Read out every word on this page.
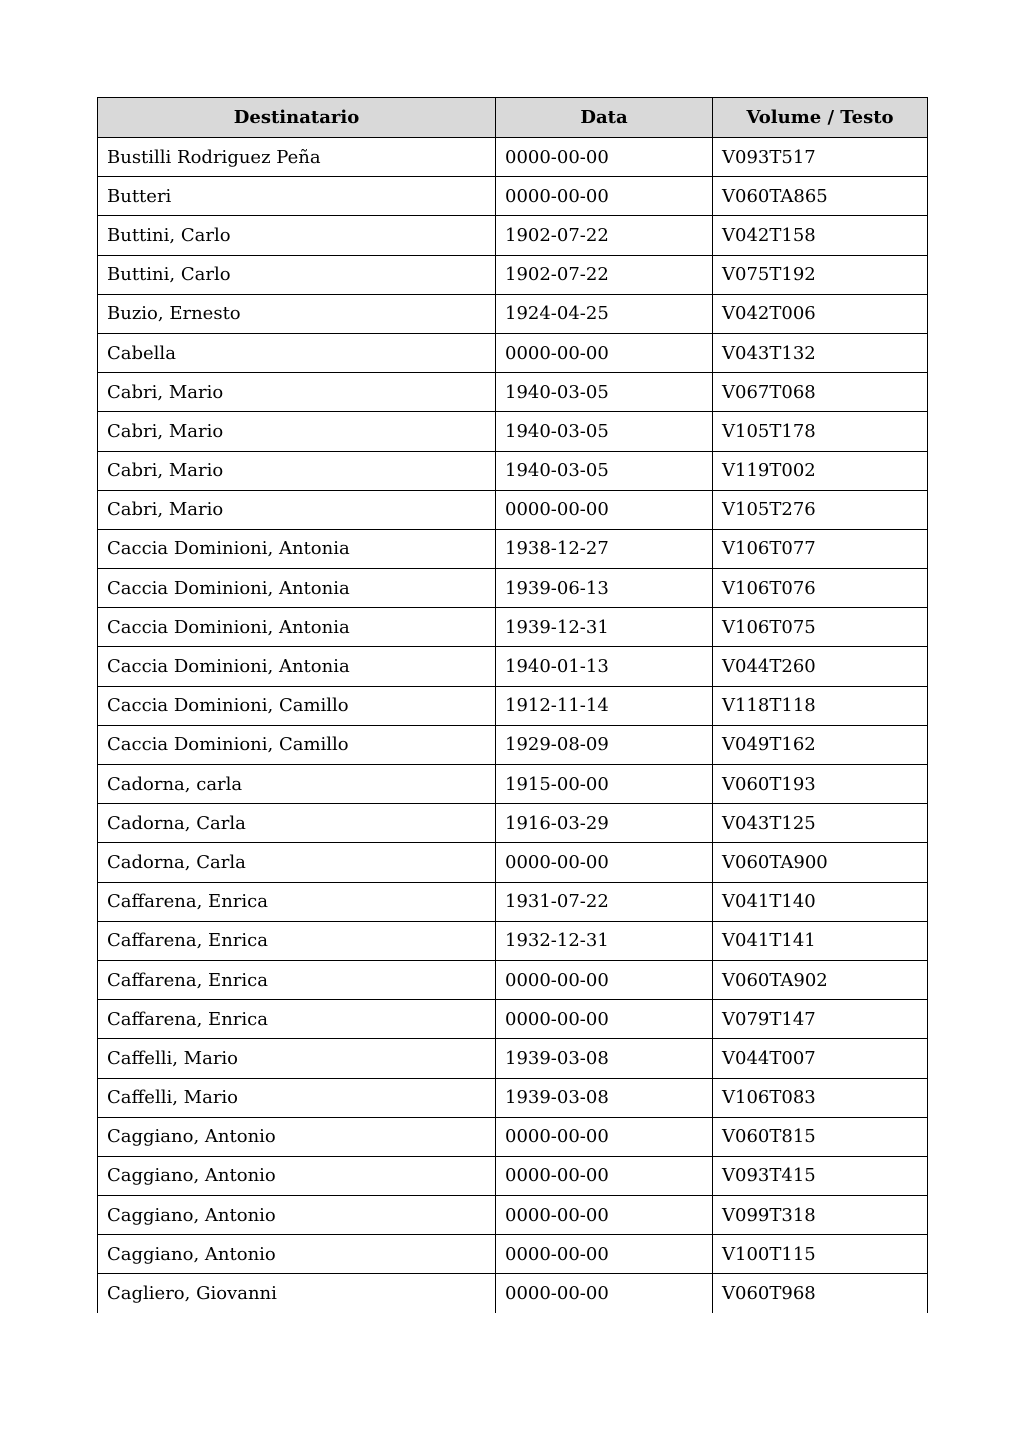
Destinatario	Data	Volume / Testo
Bustilli Rodriguez Peña	0000-00-00	V093T517
Butteri	0000-00-00	V060TA865
Buttini, Carlo	1902-07-22	V042T158
Buttini, Carlo	1902-07-22	V075T192
Buzio, Ernesto	1924-04-25	V042T006
Cabella	0000-00-00	V043T132
Cabri, Mario	1940-03-05	V067T068
Cabri, Mario	1940-03-05	V105T178
Cabri, Mario	1940-03-05	V119T002
Cabri, Mario	0000-00-00	V105T276
Caccia Dominioni, Antonia	1938-12-27	V106T077
Caccia Dominioni, Antonia	1939-06-13	V106T076
Caccia Dominioni, Antonia	1939-12-31	V106T075
Caccia Dominioni, Antonia	1940-01-13	V044T260
Caccia Dominioni, Camillo	1912-11-14	V118T118
Caccia Dominioni, Camillo	1929-08-09	V049T162
Cadorna, carla	1915-00-00	V060T193
Cadorna, Carla	1916-03-29	V043T125
Cadorna, Carla	0000-00-00	V060TA900
Caffarena, Enrica	1931-07-22	V041T140
Caffarena, Enrica	1932-12-31	V041T141
Caffarena, Enrica	0000-00-00	V060TA902
Caffarena, Enrica	0000-00-00	V079T147
Caffelli, Mario	1939-03-08	V044T007
Caffelli, Mario	1939-03-08	V106T083
Caggiano, Antonio	0000-00-00	V060T815
Caggiano, Antonio	0000-00-00	V093T415
Caggiano, Antonio	0000-00-00	V099T318
Caggiano, Antonio	0000-00-00	V100T115
Cagliero, Giovanni	0000-00-00	V060T968
